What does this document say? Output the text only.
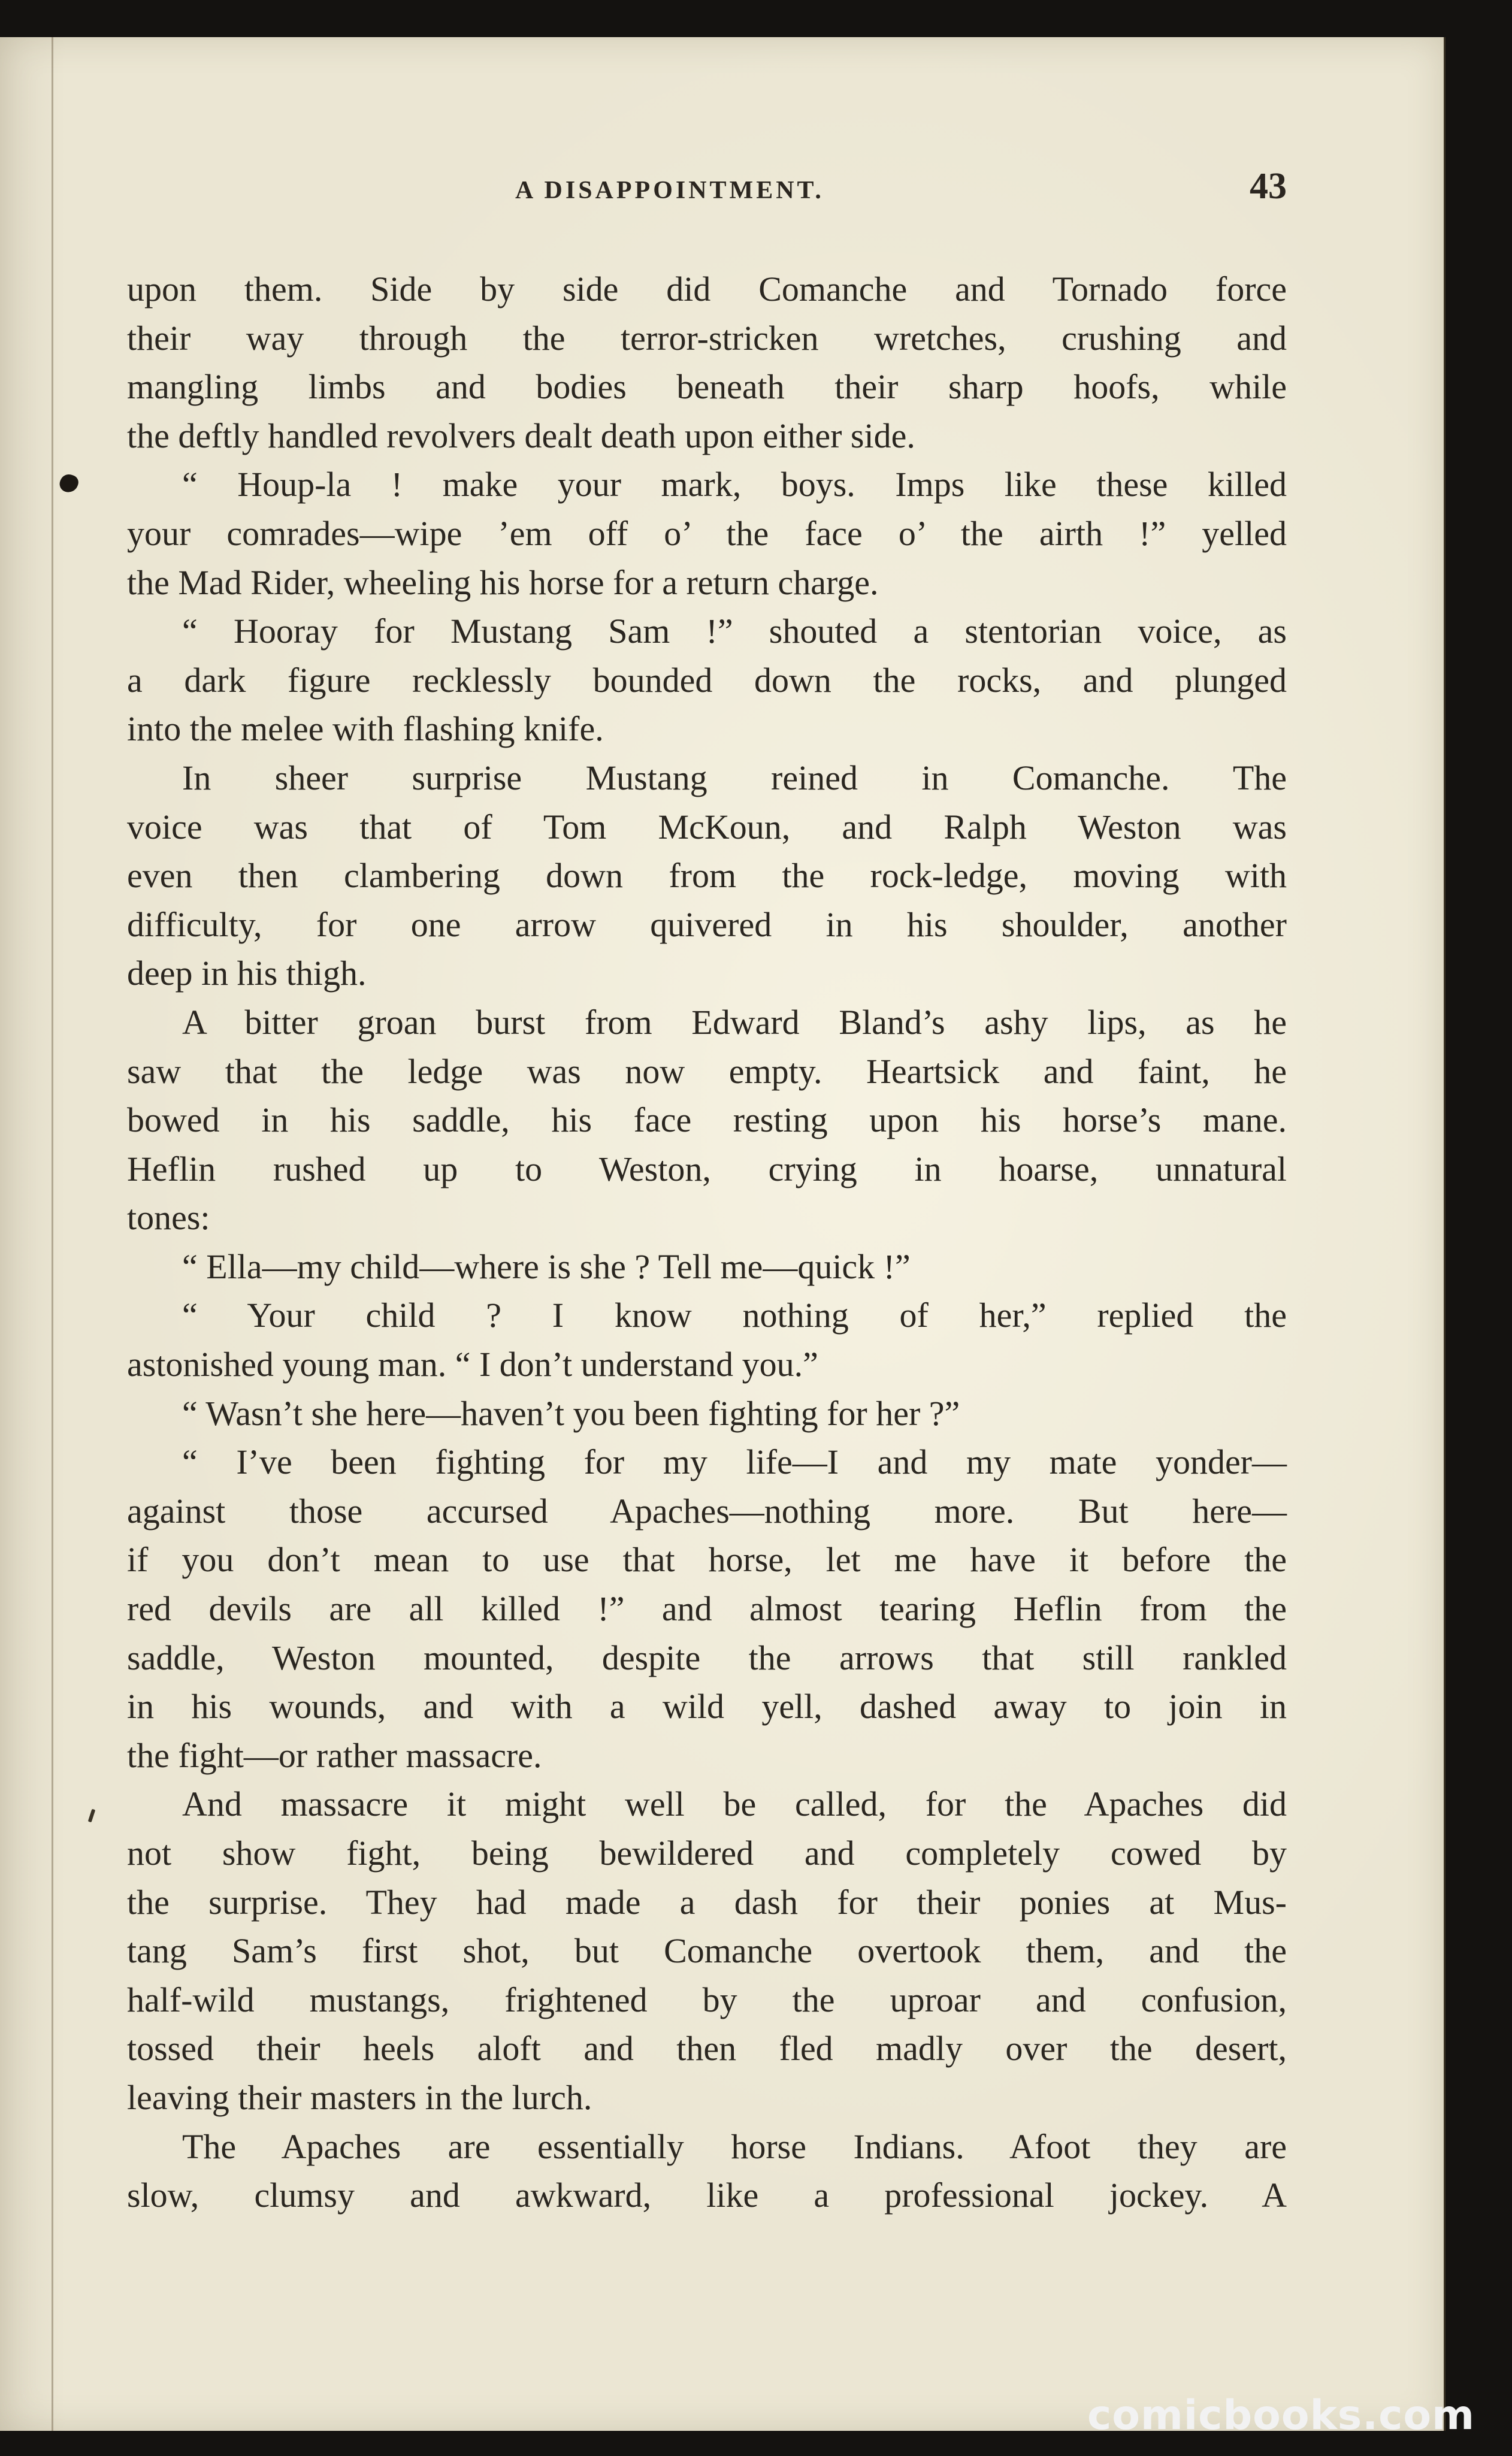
A DISAPPOINTMENT.	43
upon them. Side by side did Comanche and Tornado force
their way through the terror-stricken wretches, crushing and
mangling limbs and bodies beneath their sharp hoofs, while
the deftly handled revolvers dealt death upon either side.
“ Houp-la ! make your mark, boys. Imps like these killed
your comrades—wipe ’em off o’ the face o’ the airth !” yelled
the Mad Rider, wheeling his horse for a return charge.
“ Hooray for Mustang Sam !” shouted a stentorian voice, as
a dark figure recklessly bounded down the rocks, and plunged
into the melee with flashing knife.
In sheer surprise Mustang reined in Comanche. The
voice was that of Tom McKoun, and Ralph Weston was
even then clambering down from the rock-ledge, moving with
difficulty, for one arrow quivered in his shoulder, another
deep in his thigh.
A bitter groan burst from Edward Bland’s ashy lips, as he
saw that the ledge was now empty. Heartsick and faint, he
bowed in his saddle, his face resting upon his horse’s mane.
Heflin rushed up to Weston, crying in hoarse, unnatural
tones:
“ Ella—my child—where is she ? Tell me—quick !”
“ Your child ? I know nothing of her,” replied the
astonished young man. “ I don’t understand you.”
“ Wasn’t she here—haven’t you been fighting for her ?”
“ I’ve been fighting for my life—I and my mate yonder—
against those accursed Apaches—nothing more. But here—
if you don’t mean to use that horse, let me have it before the
red devils are all killed !” and almost tearing Heflin from the
saddle, Weston mounted, despite the arrows that still rankled
in his wounds, and with a wild yell, dashed away to join in
the fight—or rather massacre.
And massacre it might well be called, for the Apaches did
not show fight, being bewildered and completely cowed by
the surprise. They had made a dash for their ponies at Mus-
tang Sam’s first shot, but Comanche overtook them, and the
half-wild mustangs, frightened by the uproar and confusion,
tossed their heels aloft and then fled madly over the desert,
leaving their masters in the lurch.
The Apaches are essentially horse Indians. Afoot they are
slow, clumsy and awkward, like a professional jockey. A
comicbooks.com
